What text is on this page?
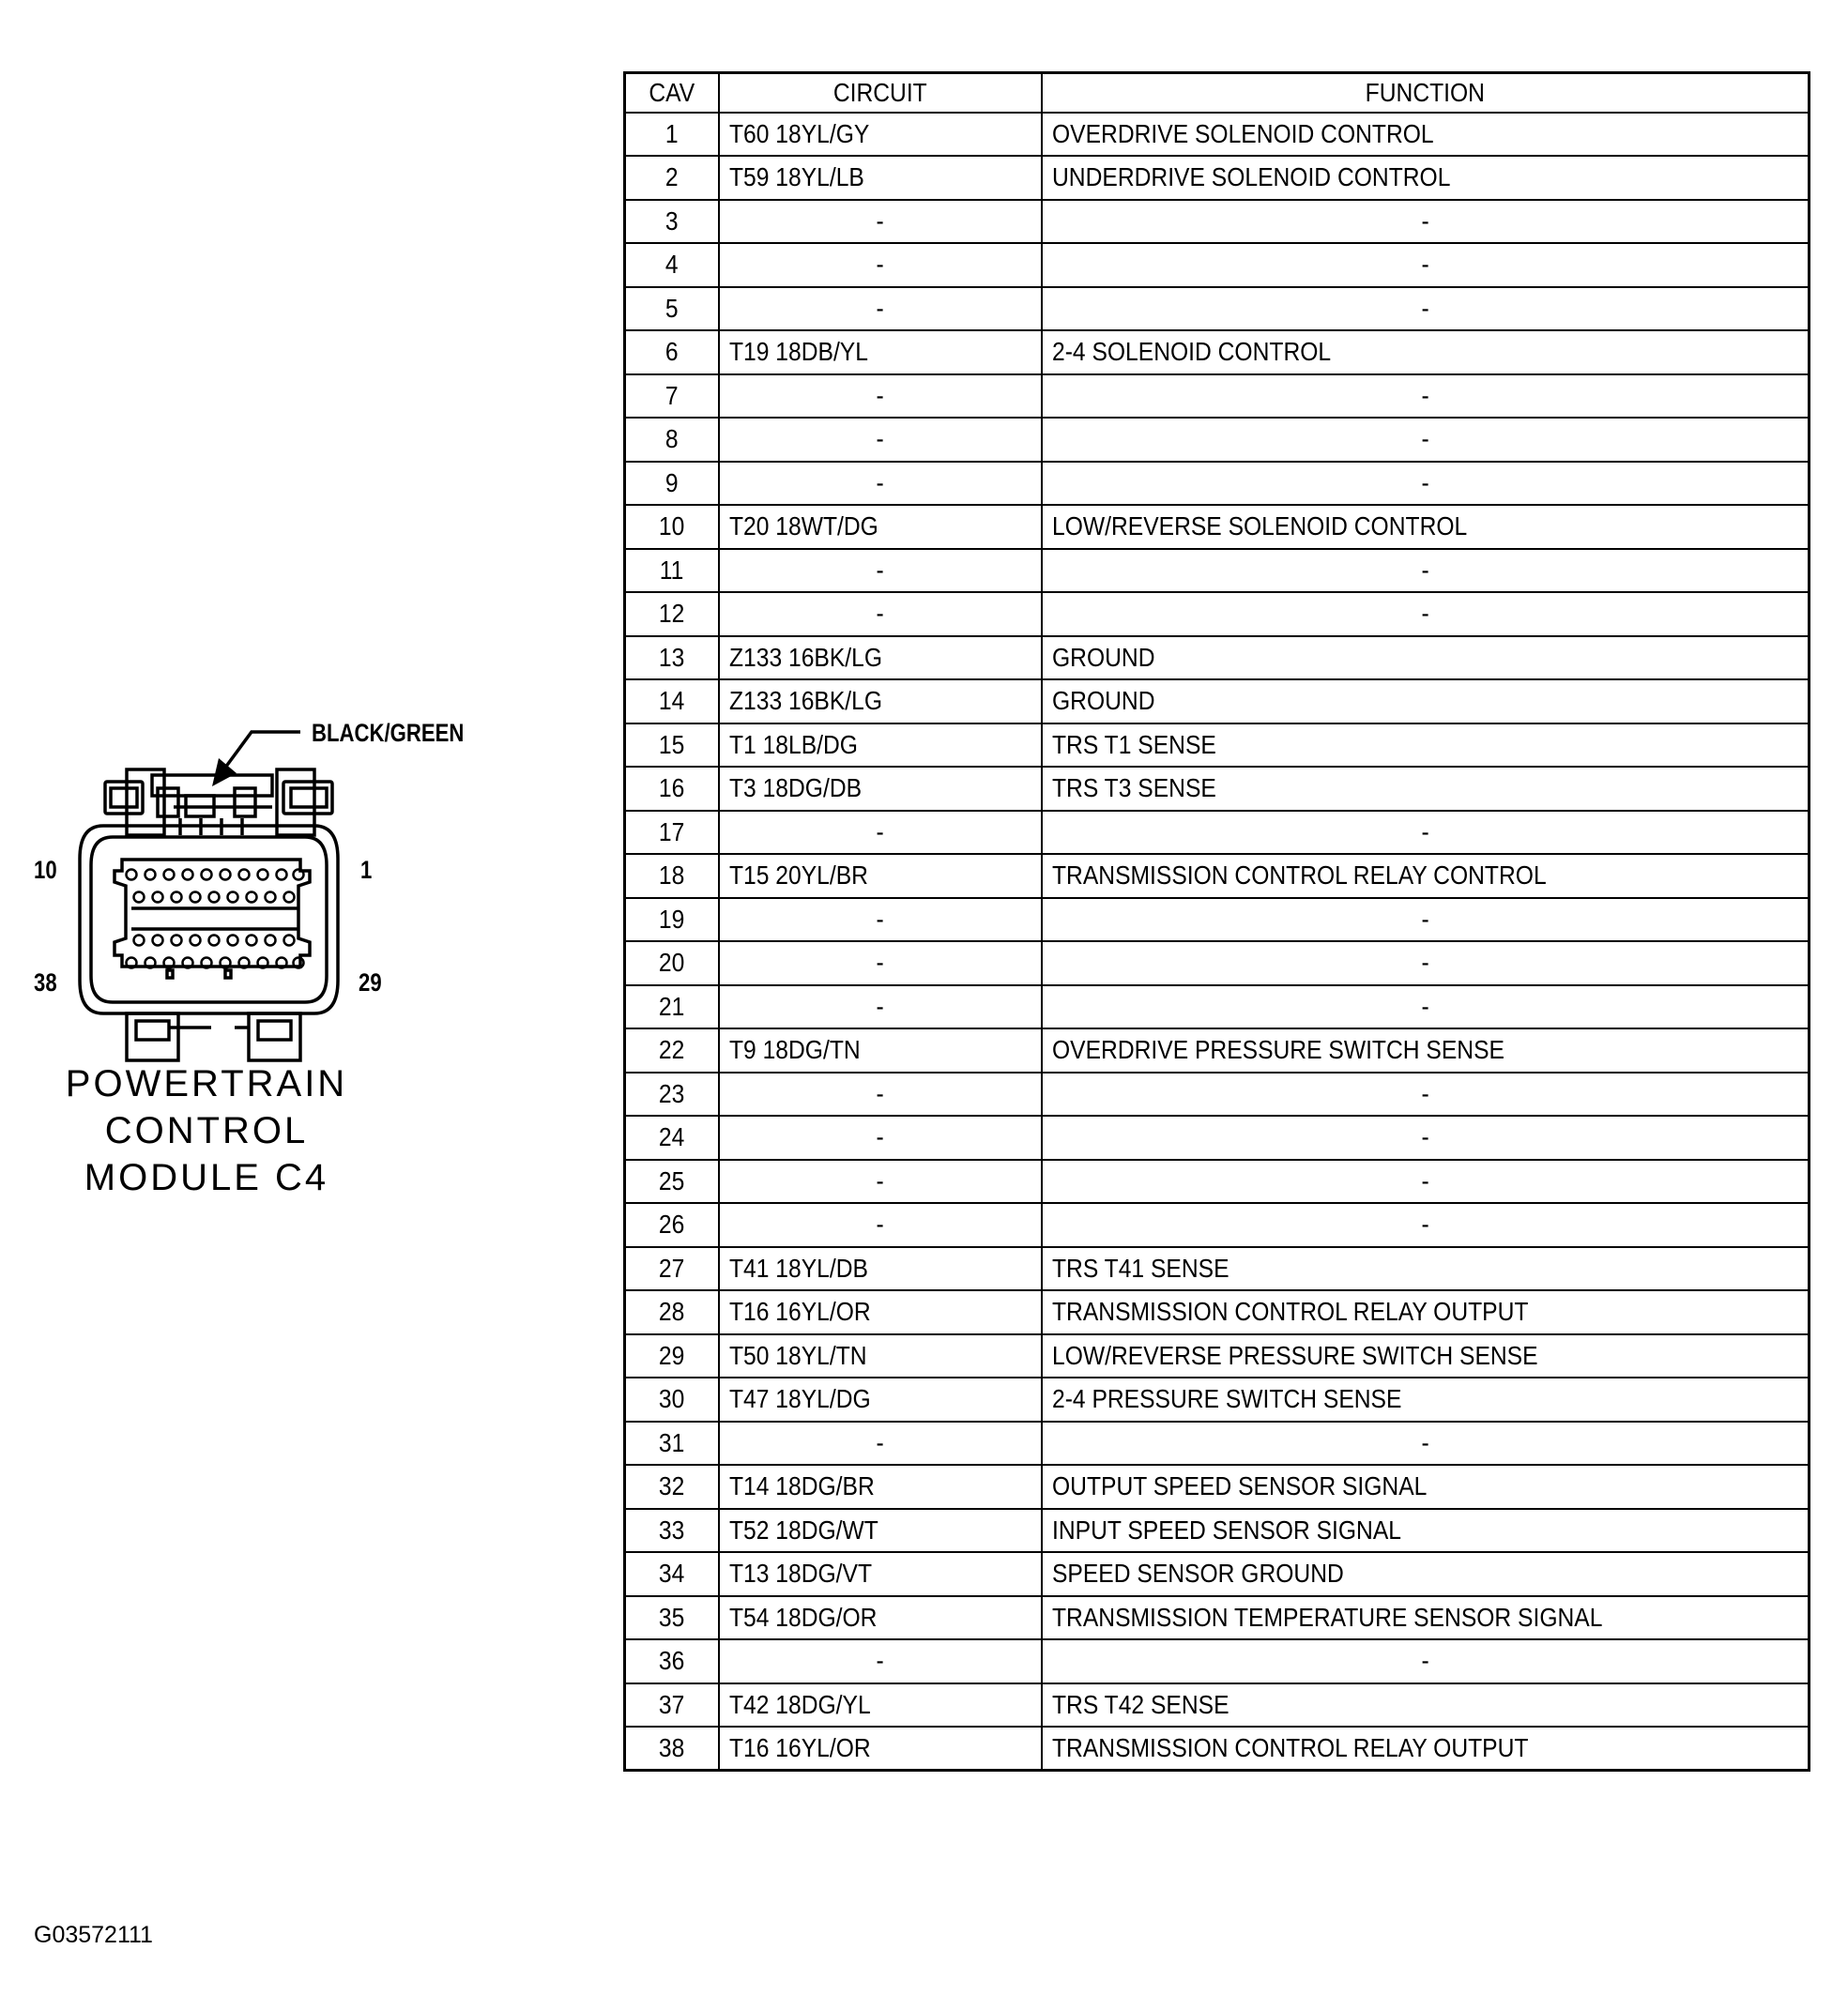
BLACK/GREEN
10	1
38	29
POWERTRAIN
CONTROL
MODULE C4
CAV	CIRCUIT	FUNCTION
1	T60 18YL/GY	OVERDRIVE SOLENOID CONTROL
2	T59 18YL/LB	UNDERDRIVE SOLENOID CONTROL
3	-	-
4	-	-
5	-	-
6	T19 18DB/YL	2-4 SOLENOID CONTROL
7	-	-
8	-	-
9	-	-
10	T20 18WT/DG	LOW/REVERSE SOLENOID CONTROL
11	-	-
12	-	-
13	Z133 16BK/LG	GROUND
14	Z133 16BK/LG	GROUND
15	T1 18LB/DG	TRS T1 SENSE
16	T3 18DG/DB	TRS T3 SENSE
17	-	-
18	T15 20YL/BR	TRANSMISSION CONTROL RELAY CONTROL
19	-	-
20	-	-
21	-	-
22	T9 18DG/TN	OVERDRIVE PRESSURE SWITCH SENSE
23	-	-
24	-	-
25	-	-
26	-	-
27	T41 18YL/DB	TRS T41 SENSE
28	T16 16YL/OR	TRANSMISSION CONTROL RELAY OUTPUT
29	T50 18YL/TN	LOW/REVERSE PRESSURE SWITCH SENSE
30	T47 18YL/DG	2-4 PRESSURE SWITCH SENSE
31	-	-
32	T14 18DG/BR	OUTPUT SPEED SENSOR SIGNAL
33	T52 18DG/WT	INPUT SPEED SENSOR SIGNAL
34	T13 18DG/VT	SPEED SENSOR GROUND
35	T54 18DG/OR	TRANSMISSION TEMPERATURE SENSOR SIGNAL
36	-	-
37	T42 18DG/YL	TRS T42 SENSE
38	T16 16YL/OR	TRANSMISSION CONTROL RELAY OUTPUT
G03572111
